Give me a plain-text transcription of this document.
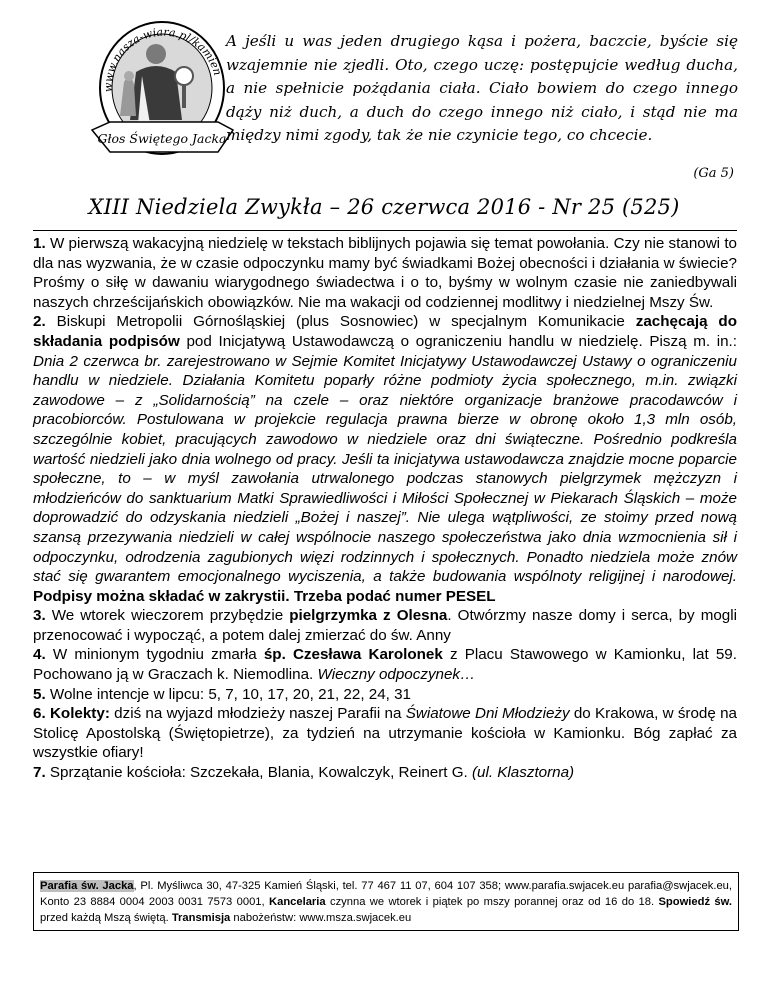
www.nasza-wiara.pl/kamien
Głos Świętego Jacka
A jeśli u was jeden drugiego kąsa i pożera, baczcie, byście się wzajemnie nie zjedli. Oto, czego uczę: postępujcie według ducha, a nie spełnicie pożądania ciała. Ciało bowiem do czego innego dąży niż duch, a duch do czego innego niż ciało, i stąd nie ma między nimi zgody, tak że nie czynicie tego, co chcecie.
(Ga 5)
XIII Niedziela Zwykła – 26 czerwca 2016 - Nr 25 (525)

1. W pierwszą wakacyjną niedzielę w tekstach biblijnych pojawia się temat powołania. Czy nie stanowi to dla nas wyzwania, że w czasie odpoczynku mamy być świadkami Bożej obecności i działania w świecie? Prośmy o siłę w dawaniu wiarygodnego świadectwa i o to, byśmy w wolnym czasie nie zaniedbywali naszych chrześcijańskich obowiązków. Nie ma wakacji od codziennej modlitwy i niedzielnej Mszy Św.

2. Biskupi Metropolii Górnośląskiej (plus Sosnowiec) w specjalnym Komunikacie zachęcają do składania podpisów pod Inicjatywą Ustawodawczą o ograniczeniu handlu w niedzielę. Piszą m. in.: Dnia 2 czerwca br. zarejestrowano w Sejmie Komitet Inicjatywy Ustawodawczej Ustawy o ograniczeniu handlu w niedziele. Działania Komitetu poparły różne podmioty życia społecznego, m.in. związki zawodowe – z „Solidarnością” na czele – oraz niektóre organizacje branżowe pracodawców i pracobiorców. Postulowana w projekcie regulacja prawna bierze w obronę około 1,3 mln osób, szczególnie kobiet, pracujących zawodowo w niedziele oraz dni świąteczne. Pośrednio podkreśla wartość niedzieli jako dnia wolnego od pracy. Jeśli ta inicjatywa ustawodawcza znajdzie mocne poparcie społeczne, to – w myśl zawołania utrwalonego podczas stanowych pielgrzymek mężczyzn i młodzieńców do sanktuarium Matki Sprawiedliwości i Miłości Społecznej w Piekarach Śląskich – może doprowadzić do odzyskania niedzieli „Bożej i naszej”. Nie ulega wątpliwości, ze stoimy przed nową szansą przezywania niedzieli w całej wspólnocie naszego społeczeństwa jako dnia wzmocnienia sił i odpoczynku, odrodzenia zagubionych więzi rodzinnych i społecznych. Ponadto niedziela może znów stać się gwarantem emocjonalnego wyciszenia, a także budowania wspólnoty religijnej i narodowej. Podpisy można składać w zakrystii. Trzeba podać numer PESEL

3. We wtorek wieczorem przybędzie pielgrzymka z Olesna. Otwórzmy nasze domy i serca, by mogli przenocować i wypocząć, a potem dalej zmierzać do św. Anny

4. W minionym tygodniu zmarła śp. Czesława Karolonek z Placu Stawowego w Kamionku, lat 59. Pochowano ją w Graczach k. Niemodlina. Wieczny odpoczynek…

5. Wolne intencje w lipcu: 5, 7, 10, 17, 20, 21, 22, 24, 31

6. Kolekty: dziś na wyjazd młodzieży naszej Parafii na Światowe Dni Młodzieży do Krakowa, w środę na Stolicę Apostolską (Świętopietrze), za tydzień na utrzymanie kościoła w Kamionku. Bóg zapłać za wszystkie ofiary!

7. Sprzątanie kościoła: Szczekała, Blania, Kowalczyk, Reinert G. (ul. Klasztorna)

Parafia św. Jacka, Pl. Myśliwca 30, 47-325 Kamień Śląski, tel. 77 467 11 07, 604 107 358; www.parafia.swjacek.eu parafia@swjacek.eu, Konto 23 8884 0004 2003 0031 7573 0001, Kancelaria czynna we wtorek i piątek po mszy porannej oraz od 16 do 18. Spowiedź św. przed każdą Mszą świętą. Transmisja nabożeństw: www.msza.swjacek.eu
